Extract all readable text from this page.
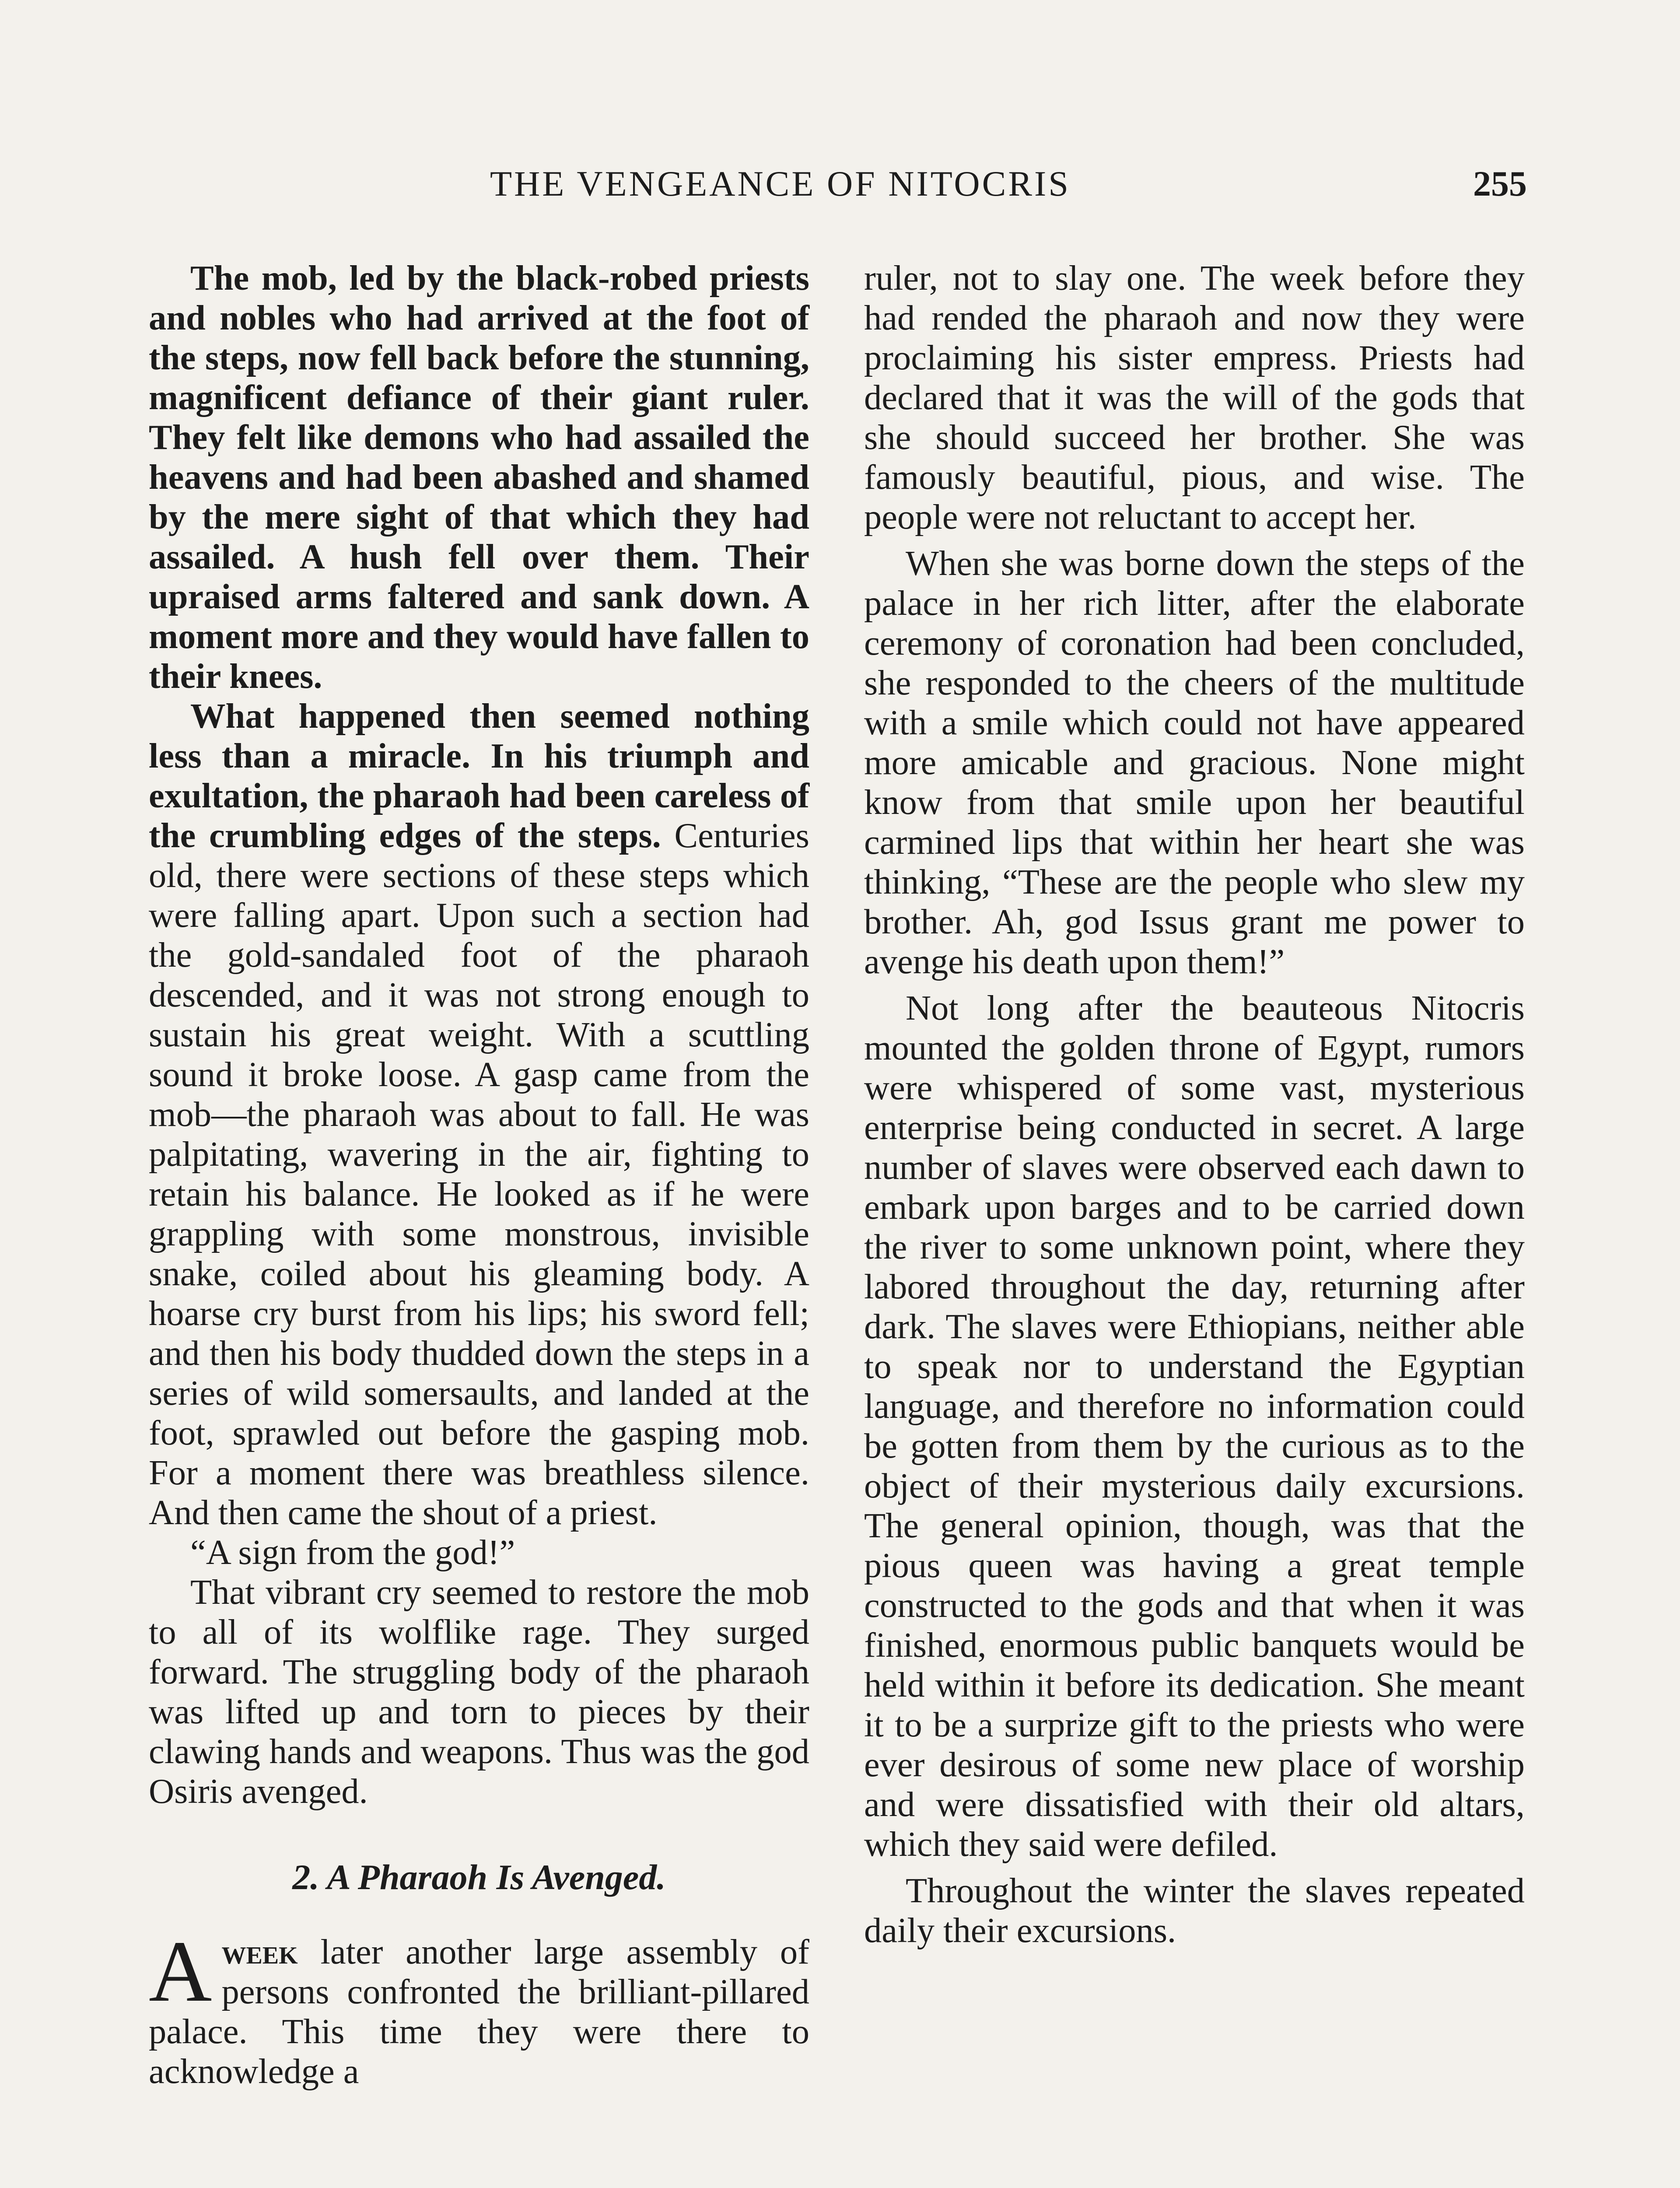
THE VENGEANCE OF NITOCRIS	255

The mob, led by the black-robed priests and nobles who had arrived at the foot of the steps, now fell back before the stunning, magnificent defiance of their giant ruler. They felt like demons who had assailed the heavens and had been abashed and shamed by the mere sight of that which they had assailed. A hush fell over them. Their upraised arms faltered and sank down. A moment more and they would have fallen to their knees.

What happened then seemed nothing less than a miracle. In his triumph and exultation, the pharaoh had been careless of the crumbling edges of the steps. Centuries old, there were sections of these steps which were falling apart. Upon such a section had the gold-sandaled foot of the pharaoh descended, and it was not strong enough to sustain his great weight. With a scuttling sound it broke loose. A gasp came from the mob—the pharaoh was about to fall. He was palpitating, wavering in the air, fighting to retain his balance. He looked as if he were grappling with some monstrous, invisible snake, coiled about his gleaming body. A hoarse cry burst from his lips; his sword fell; and then his body thudded down the steps in a series of wild somersaults, and landed at the foot, sprawled out before the gasping mob. For a moment there was breathless silence. And then came the shout of a priest.

“A sign from the god!”

That vibrant cry seemed to restore the mob to all of its wolflike rage. They surged forward. The struggling body of the pharaoh was lifted up and torn to pieces by their clawing hands and weapons. Thus was the god Osiris avenged.

2. A Pharaoh Is Avenged.

Aweek later another large assembly of persons confronted the brilliant-pillared palace. This time they were there to acknowledge a

ruler, not to slay one. The week before they had rended the pharaoh and now they were proclaiming his sister empress. Priests had declared that it was the will of the gods that she should succeed her brother. She was famously beautiful, pious, and wise. The people were not reluctant to accept her.

When she was borne down the steps of the palace in her rich litter, after the elaborate ceremony of coronation had been concluded, she responded to the cheers of the multitude with a smile which could not have appeared more amicable and gracious. None might know from that smile upon her beautiful carmined lips that within her heart she was thinking, “These are the people who slew my brother. Ah, god Issus grant me power to avenge his death upon them!”

Not long after the beauteous Nitocris mounted the golden throne of Egypt, rumors were whispered of some vast, mysterious enterprise being conducted in secret. A large number of slaves were observed each dawn to embark upon barges and to be carried down the river to some unknown point, where they labored throughout the day, returning after dark. The slaves were Ethiopians, neither able to speak nor to understand the Egyptian language, and therefore no information could be gotten from them by the curious as to the object of their mysterious daily excursions. The general opinion, though, was that the pious queen was having a great temple constructed to the gods and that when it was finished, enormous public banquets would be held within it before its dedication. She meant it to be a surprize gift to the priests who were ever desirous of some new place of worship and were dissatisfied with their old altars, which they said were defiled.

Throughout the winter the slaves repeated daily their excursions.
